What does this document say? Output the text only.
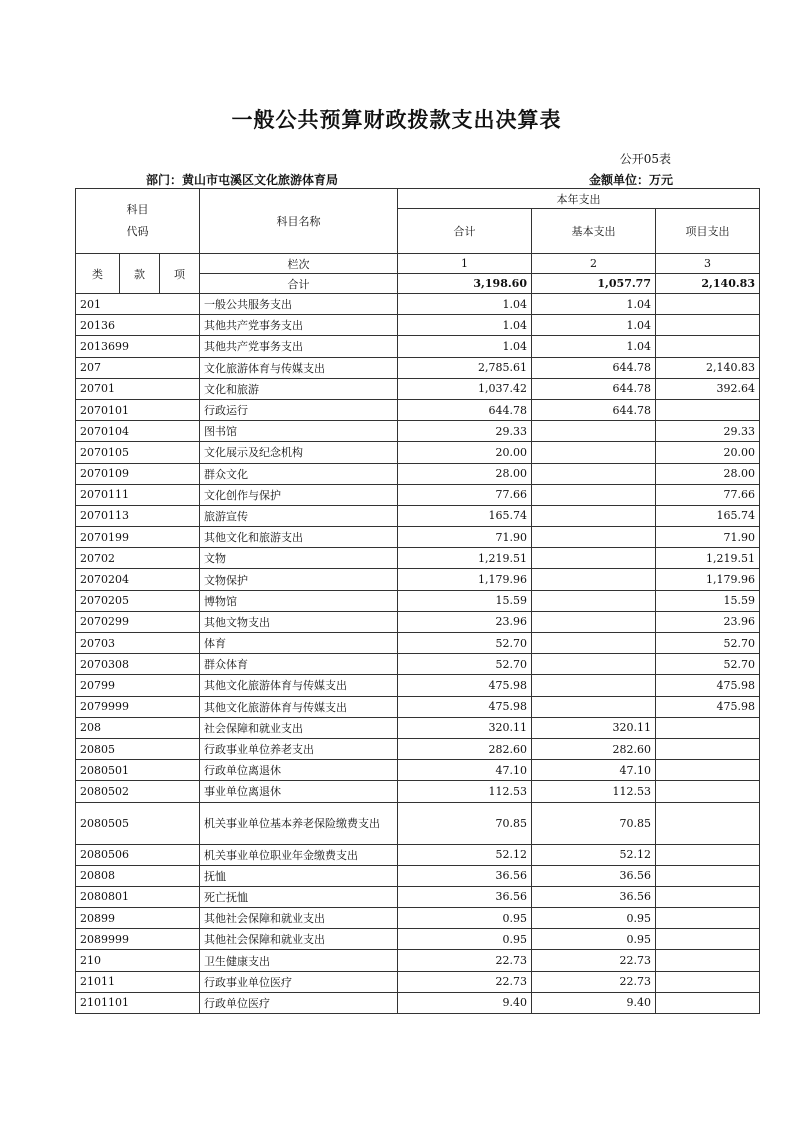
一般公共预算财政拨款支出决算表
公开05表
部门：黄山市屯溪区文化旅游体育局	金额单位：万元
科目
代码			科目名称	本年支出		
				合计	基本支出	项目支出

类	款	项	栏次	1	2	3
			合计	3,198.60	1,057.77	2,140.83
201			一般公共服务支出	1.04	1.04	
20136			其他共产党事务支出	1.04	1.04	
2013699			其他共产党事务支出	1.04	1.04	
207			文化旅游体育与传媒支出	2,785.61	644.78	2,140.83
20701			文化和旅游	1,037.42	644.78	392.64
2070101			行政运行	644.78	644.78	
2070104			图书馆	29.33		29.33
2070105			文化展示及纪念机构	20.00		20.00
2070109			群众文化	28.00		28.00
2070111			文化创作与保护	77.66		77.66
2070113			旅游宣传	165.74		165.74
2070199			其他文化和旅游支出	71.90		71.90
20702			文物	1,219.51		1,219.51
2070204			文物保护	1,179.96		1,179.96
2070205			博物馆	15.59		15.59
2070299			其他文物支出	23.96		23.96
20703			体育	52.70		52.70
2070308			群众体育	52.70		52.70
20799			其他文化旅游体育与传媒支出	475.98		475.98
2079999			其他文化旅游体育与传媒支出	475.98		475.98
208			社会保障和就业支出	320.11	320.11	
20805			行政事业单位养老支出	282.60	282.60	
2080501			行政单位离退休	47.10	47.10	
2080502			事业单位离退休	112.53	112.53	
2080505			机关事业单位基本养老保险缴费支出	70.85	70.85	
2080506			机关事业单位职业年金缴费支出	52.12	52.12	
20808			抚恤	36.56	36.56	
2080801			死亡抚恤	36.56	36.56	
20899			其他社会保障和就业支出	0.95	0.95	
2089999			其他社会保障和就业支出	0.95	0.95	
210			卫生健康支出	22.73	22.73	
21011			行政事业单位医疗	22.73	22.73	
2101101			行政单位医疗	9.40	9.40	
